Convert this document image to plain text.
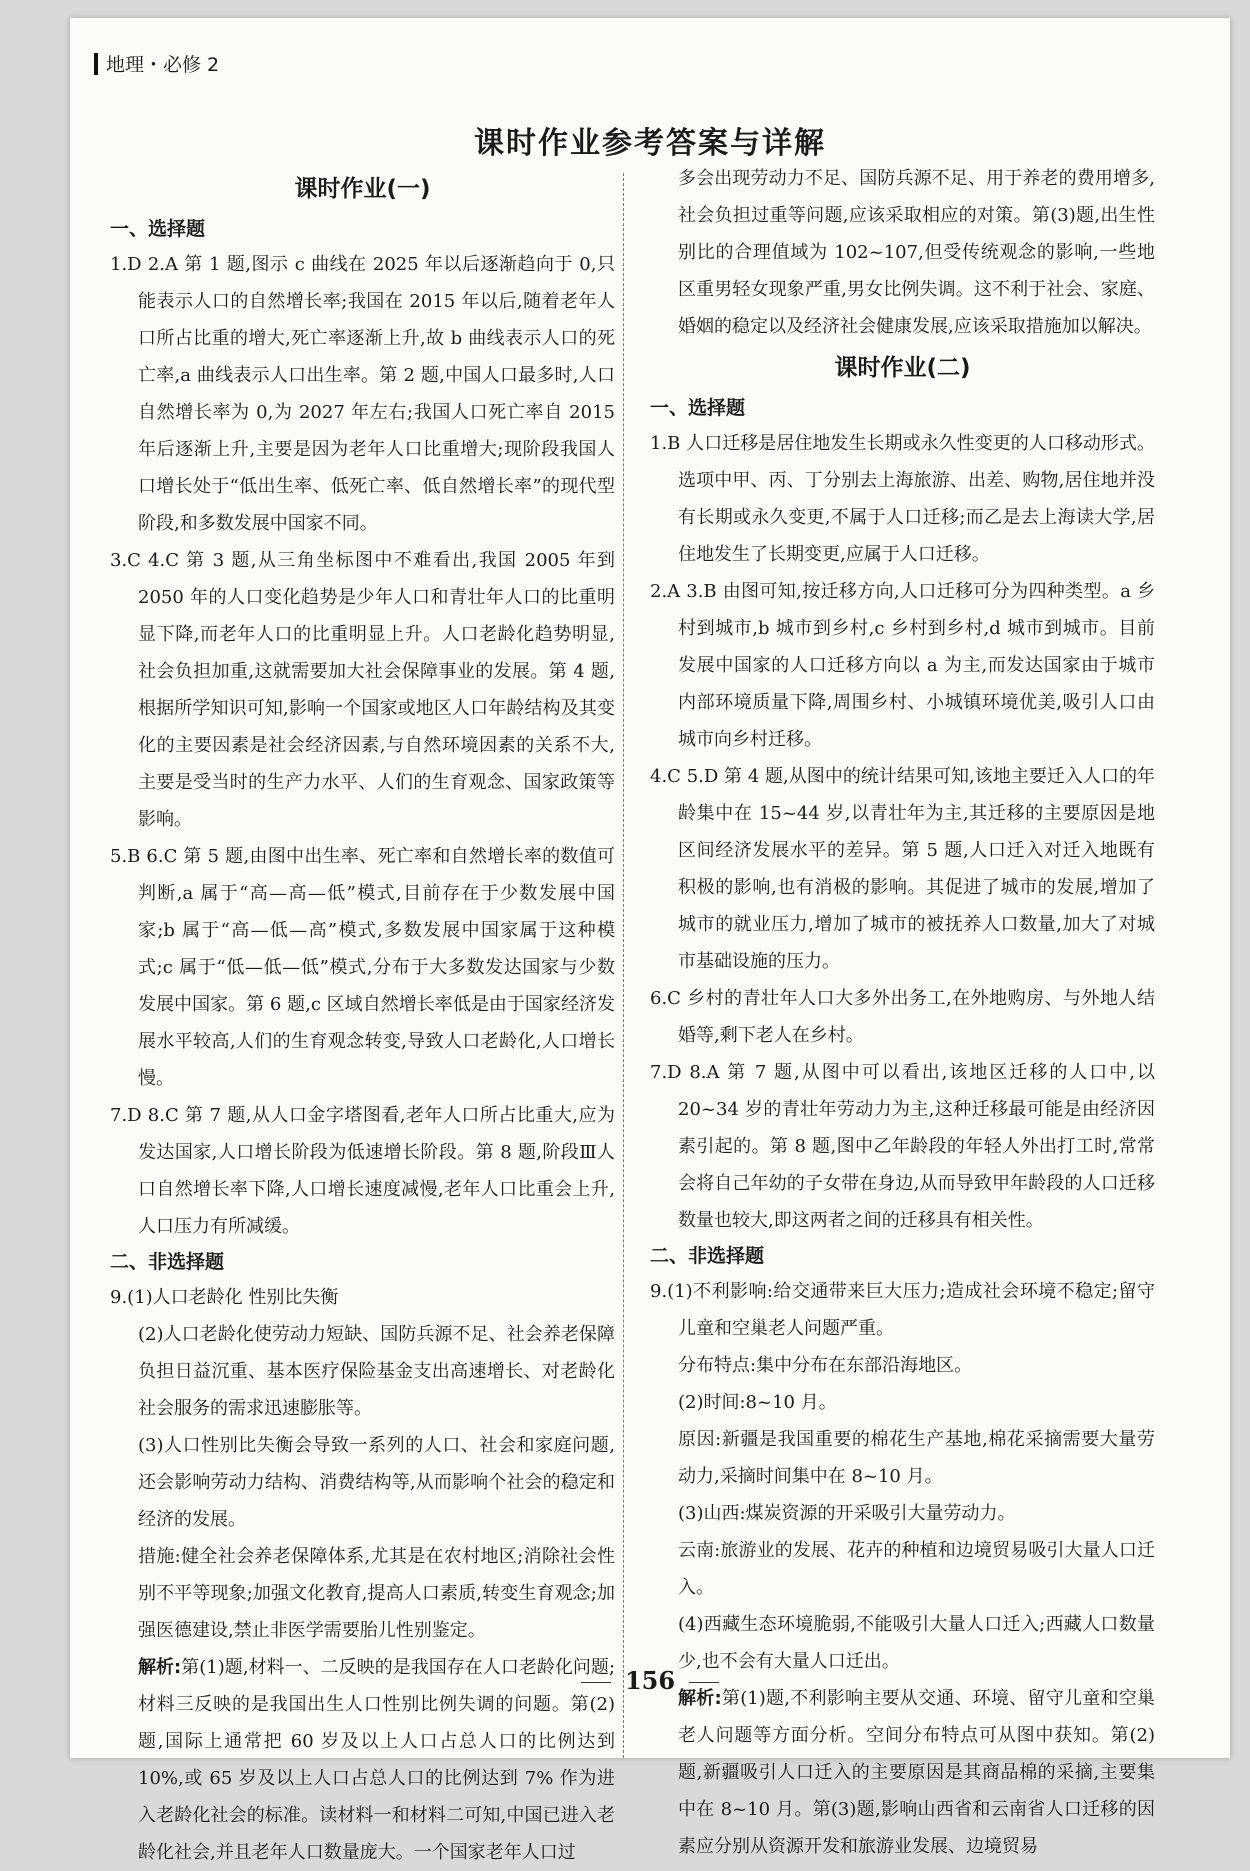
地理・必修 2
课时作业参考答案与详解
课时作业(一)
一、选择题

1.D 2.A 第 1 题,图示 c 曲线在 2025 年以后逐渐趋向于 0,只能表示人口的自然增长率;我国在 2015 年以后,随着老年人口所占比重的增大,死亡率逐渐上升,故 b 曲线表示人口的死亡率,a 曲线表示人口出生率。第 2 题,中国人口最多时,人口自然增长率为 0,为 2027 年左右;我国人口死亡率自 2015 年后逐渐上升,主要是因为老年人口比重增大;现阶段我国人口增长处于“低出生率、低死亡率、低自然增长率”的现代型阶段,和多数发展中国家不同。

3.C 4.C 第 3 题,从三角坐标图中不难看出,我国 2005 年到 2050 年的人口变化趋势是少年人口和青壮年人口的比重明显下降,而老年人口的比重明显上升。人口老龄化趋势明显,社会负担加重,这就需要加大社会保障事业的发展。第 4 题,根据所学知识可知,影响一个国家或地区人口年龄结构及其变化的主要因素是社会经济因素,与自然环境因素的关系不大,主要是受当时的生产力水平、人们的生育观念、国家政策等影响。

5.B 6.C 第 5 题,由图中出生率、死亡率和自然增长率的数值可判断,a 属于“高—高—低”模式,目前存在于少数发展中国家;b 属于“高—低—高”模式,多数发展中国家属于这种模式;c 属于“低—低—低”模式,分布于大多数发达国家与少数发展中国家。第 6 题,c 区域自然增长率低是由于国家经济发展水平较高,人们的生育观念转变,导致人口老龄化,人口增长慢。

7.D 8.C 第 7 题,从人口金字塔图看,老年人口所占比重大,应为发达国家,人口增长阶段为低速增长阶段。第 8 题,阶段Ⅲ人口自然增长率下降,人口增长速度减慢,老年人口比重会上升,人口压力有所减缓。

二、非选择题

9.(1)人口老龄化 性别比失衡

(2)人口老龄化使劳动力短缺、国防兵源不足、社会养老保障负担日益沉重、基本医疗保险基金支出高速增长、对老龄化社会服务的需求迅速膨胀等。

(3)人口性别比失衡会导致一系列的人口、社会和家庭问题,还会影响劳动力结构、消费结构等,从而影响个社会的稳定和经济的发展。

措施:健全社会养老保障体系,尤其是在农村地区;消除社会性别不平等现象;加强文化教育,提高人口素质,转变生育观念;加强医德建设,禁止非医学需要胎儿性别鉴定。

解析:第(1)题,材料一、二反映的是我国存在人口老龄化问题;材料三反映的是我国出生人口性别比例失调的问题。第(2)题,国际上通常把 60 岁及以上人口占总人口的比例达到 10%,或 65 岁及以上人口占总人口的比例达到 7% 作为进入老龄化社会的标准。读材料一和材料二可知,中国已进入老龄化社会,并且老年人口数量庞大。一个国家老年人口过

多会出现劳动力不足、国防兵源不足、用于养老的费用增多,社会负担过重等问题,应该采取相应的对策。第(3)题,出生性别比的合理值域为 102~107,但受传统观念的影响,一些地区重男轻女现象严重,男女比例失调。这不利于社会、家庭、婚姻的稳定以及经济社会健康发展,应该采取措施加以解决。

课时作业(二)
一、选择题

1.B 人口迁移是居住地发生长期或永久性变更的人口移动形式。选项中甲、丙、丁分别去上海旅游、出差、购物,居住地并没有长期或永久变更,不属于人口迁移;而乙是去上海读大学,居住地发生了长期变更,应属于人口迁移。

2.A 3.B 由图可知,按迁移方向,人口迁移可分为四种类型。a 乡村到城市,b 城市到乡村,c 乡村到乡村,d 城市到城市。目前发展中国家的人口迁移方向以 a 为主,而发达国家由于城市内部环境质量下降,周围乡村、小城镇环境优美,吸引人口由城市向乡村迁移。

4.C 5.D 第 4 题,从图中的统计结果可知,该地主要迁入人口的年龄集中在 15~44 岁,以青壮年为主,其迁移的主要原因是地区间经济发展水平的差异。第 5 题,人口迁入对迁入地既有积极的影响,也有消极的影响。其促进了城市的发展,增加了城市的就业压力,增加了城市的被抚养人口数量,加大了对城市基础设施的压力。

6.C 乡村的青壮年人口大多外出务工,在外地购房、与外地人结婚等,剩下老人在乡村。

7.D 8.A 第 7 题,从图中可以看出,该地区迁移的人口中,以 20~34 岁的青壮年劳动力为主,这种迁移最可能是由经济因素引起的。第 8 题,图中乙年龄段的年轻人外出打工时,常常会将自己年幼的子女带在身边,从而导致甲年龄段的人口迁移数量也较大,即这两者之间的迁移具有相关性。

二、非选择题

9.(1)不利影响:给交通带来巨大压力;造成社会环境不稳定;留守儿童和空巢老人问题严重。

分布特点:集中分布在东部沿海地区。

(2)时间:8~10 月。

原因:新疆是我国重要的棉花生产基地,棉花采摘需要大量劳动力,采摘时间集中在 8~10 月。

(3)山西:煤炭资源的开采吸引大量劳动力。

云南:旅游业的发展、花卉的种植和边境贸易吸引大量人口迁入。

(4)西藏生态环境脆弱,不能吸引大量人口迁入;西藏人口数量少,也不会有大量人口迁出。

解析:第(1)题,不利影响主要从交通、环境、留守儿童和空巢老人问题等方面分析。空间分布特点可从图中获知。第(2)题,新疆吸引人口迁入的主要原因是其商品棉的采摘,主要集中在 8~10 月。第(3)题,影响山西省和云南省人口迁移的因素应分别从资源开发和旅游业发展、边境贸易

156
